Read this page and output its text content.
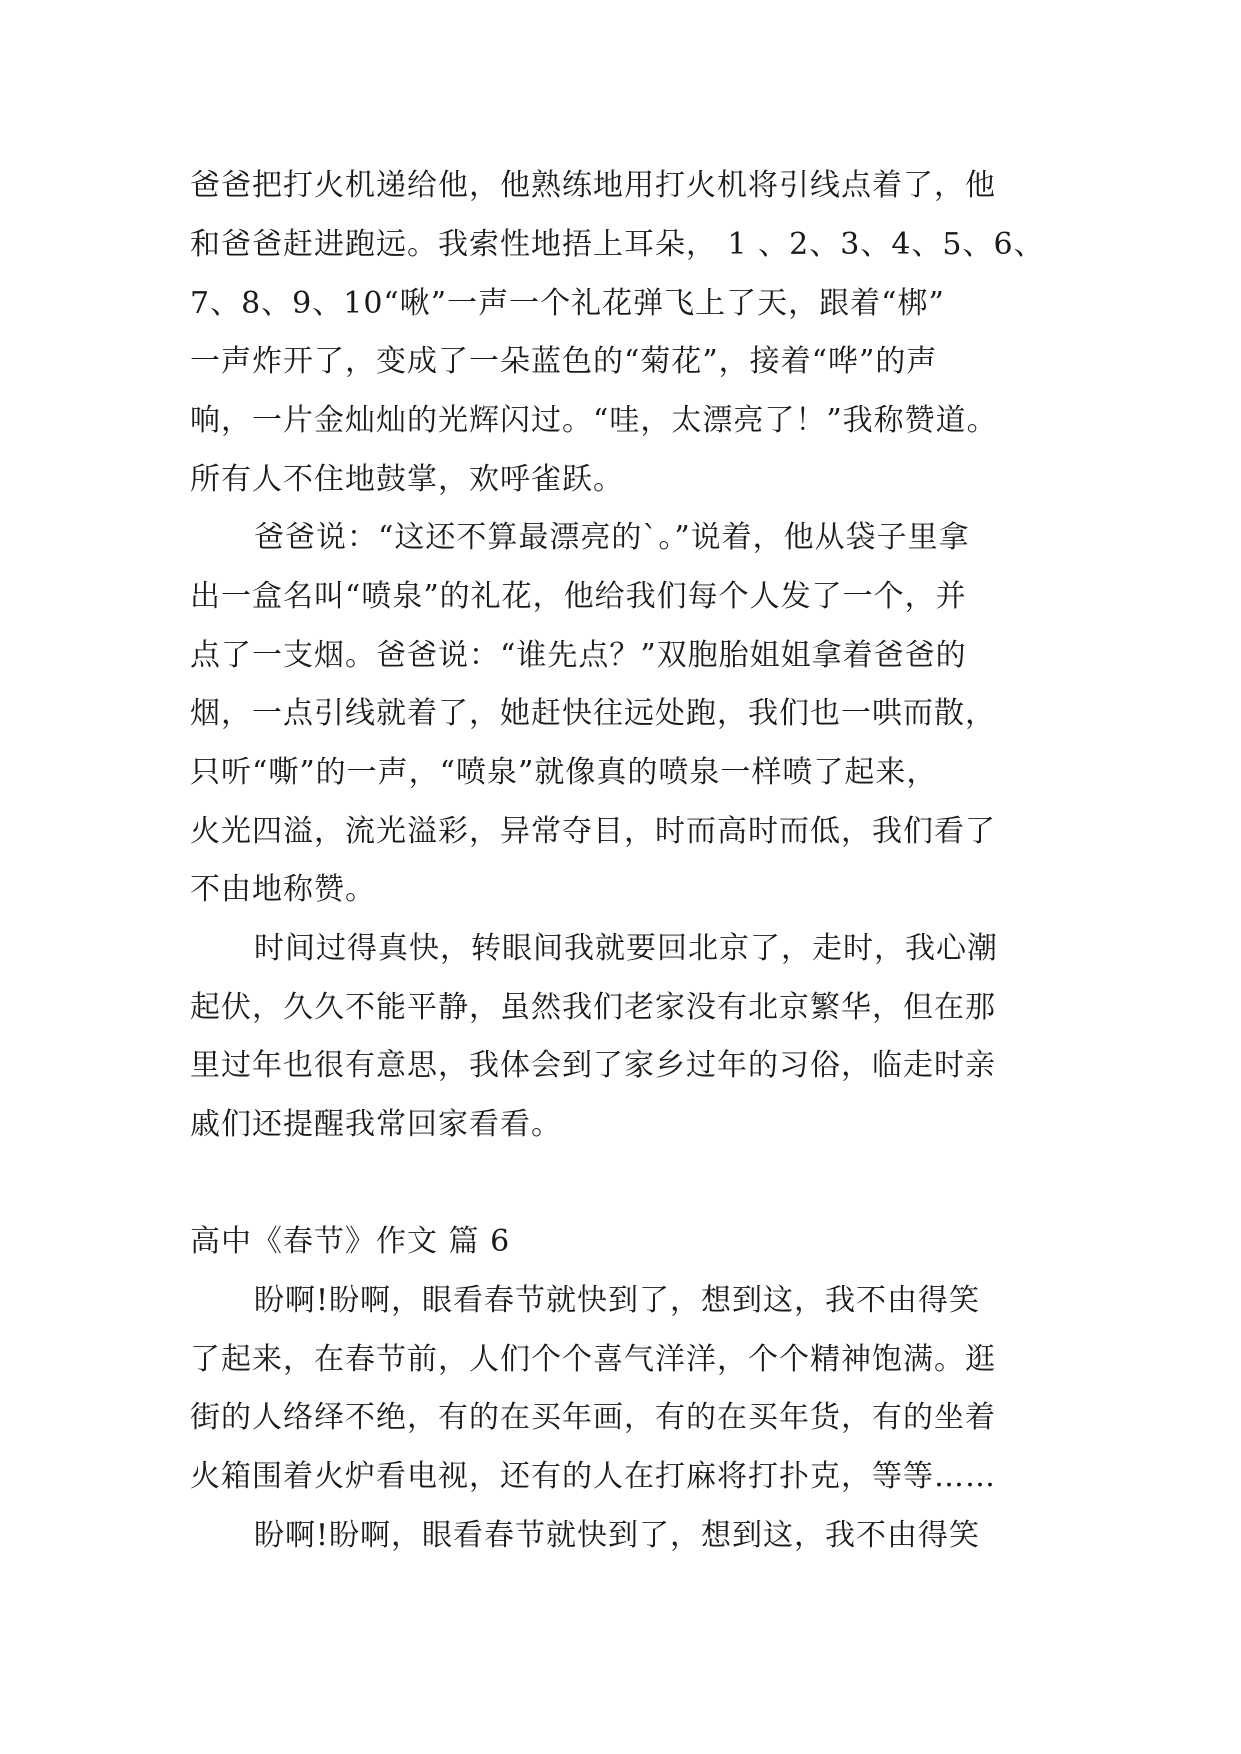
爸爸把打火机递给他，他熟练地用打火机将引线点着了，他
和爸爸赶进跑远。我索性地捂上耳朵， 1 、2、3、4、5、6、
7、8、9、10“啾”一声一个礼花弹飞上了天，跟着“梆”
一声炸开了，变成了一朵蓝色的“菊花”，接着“哗”的声
响，一片金灿灿的光辉闪过。“哇，太漂亮了！”我称赞道。
所有人不住地鼓掌，欢呼雀跃。
爸爸说：“这还不算最漂亮的`。”说着，他从袋子里拿
出一盒名叫“喷泉”的礼花，他给我们每个人发了一个，并
点了一支烟。爸爸说：“谁先点？”双胞胎姐姐拿着爸爸的
烟，一点引线就着了，她赶快往远处跑，我们也一哄而散，
只听“嘶”的一声，“喷泉”就像真的喷泉一样喷了起来，
火光四溢，流光溢彩，异常夺目，时而高时而低，我们看了
不由地称赞。
时间过得真快，转眼间我就要回北京了，走时，我心潮
起伏，久久不能平静，虽然我们老家没有北京繁华，但在那
里过年也很有意思，我体会到了家乡过年的习俗，临走时亲
戚们还提醒我常回家看看。
高中《春节》作文 篇 6
盼啊!盼啊，眼看春节就快到了，想到这，我不由得笑
了起来，在春节前，人们个个喜气洋洋，个个精神饱满。逛
街的人络绎不绝，有的在买年画，有的在买年货，有的坐着
火箱围着火炉看电视，还有的人在打麻将打扑克，等等……
盼啊!盼啊，眼看春节就快到了，想到这，我不由得笑
